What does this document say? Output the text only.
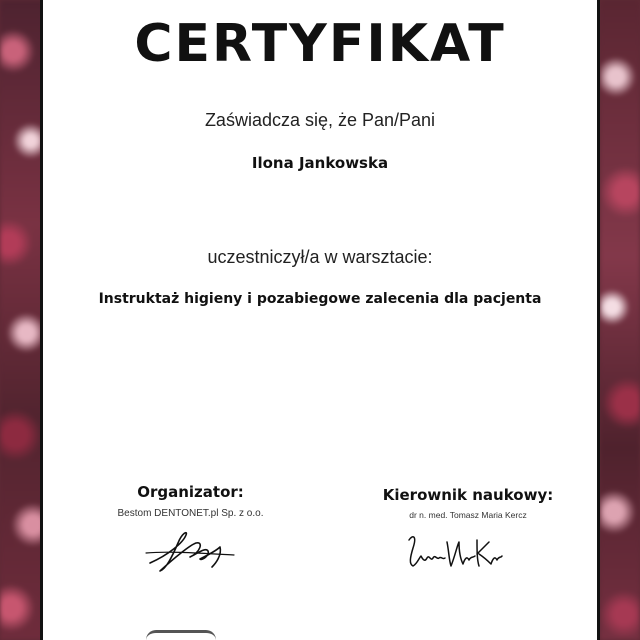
CERTYFIKAT
Zaświadcza się, że Pan/Pani
Ilona Jankowska
uczestniczył/a w warsztacie:
Instruktaż higieny i pozabiegowe zalecenia dla pacjenta
Organizator:
Bestom DENTONET.pl Sp. z o.o.
Kierownik naukowy:
dr n. med. Tomasz Maria Kercz
